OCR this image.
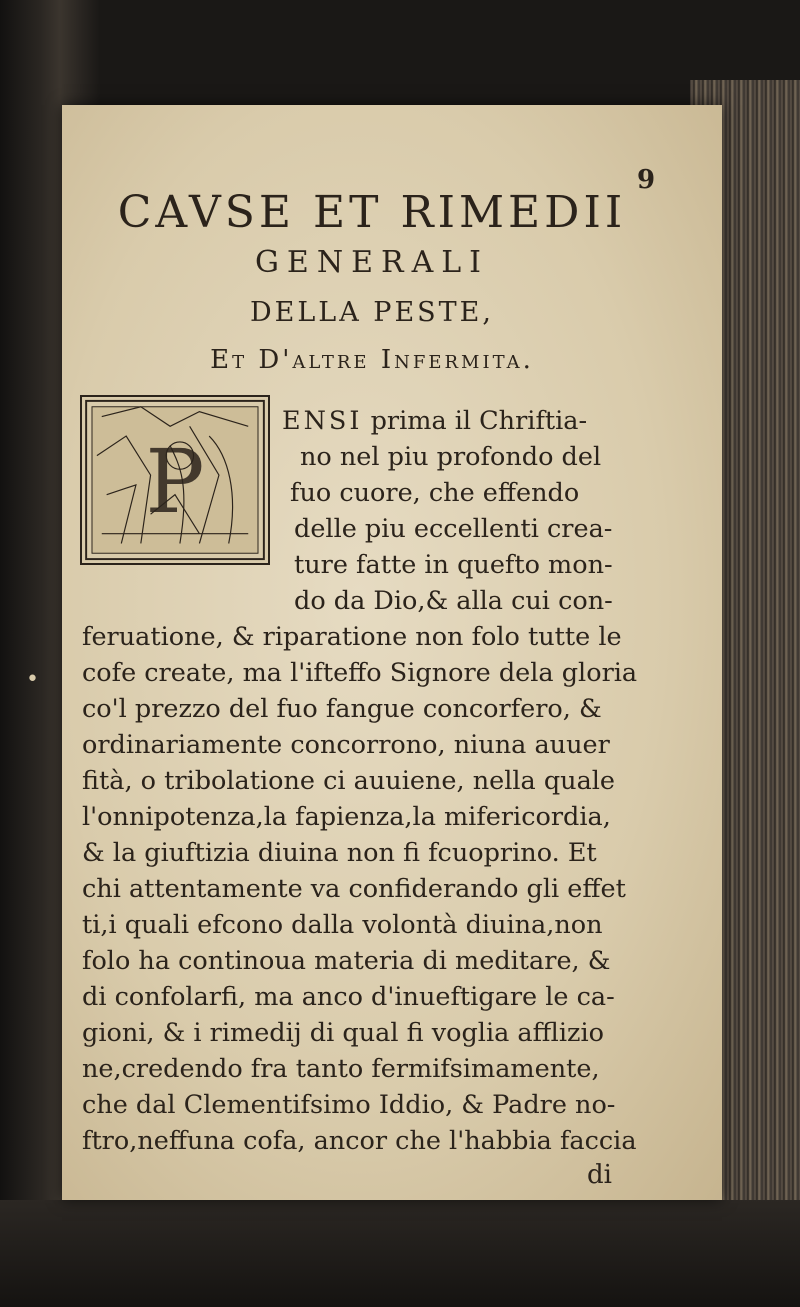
9
CAVSE ET RIMEDII
GENERALI
DELLA PESTE,
Et D'altre Infermita.
P
ENSI prima il Chriftia-
no nel piu profondo del
fuo cuore, che effendo
delle piu eccellenti crea-
ture fatte in quefto mon-
do da Dio,& alla cui con-
feruatione, & riparatione non folo tutte le
cofe create, ma l'ifteffo Signore dela gloria
co'l prezzo del fuo fangue concorfero, &
ordinariamente concorrono, niuna auuer
fità, o tribolatione ci auuiene, nella quale
l'onnipotenza,la fapienza,la mifericordia,
& la giuftizia diuina non fi fcuoprino. Et
chi attentamente va confiderando gli effet
ti,i quali efcono dalla volontà diuina,non
folo ha continoua materia di meditare, &
di confolarfi, ma anco d'inueftigare le ca-
gioni, & i rimedij di qual fi voglia afflizio
ne,credendo fra tanto fermifsimamente,
che dal Clementifsimo Iddio, & Padre no-
ftro,neffuna cofa, ancor che l'habbia faccia
di
•
